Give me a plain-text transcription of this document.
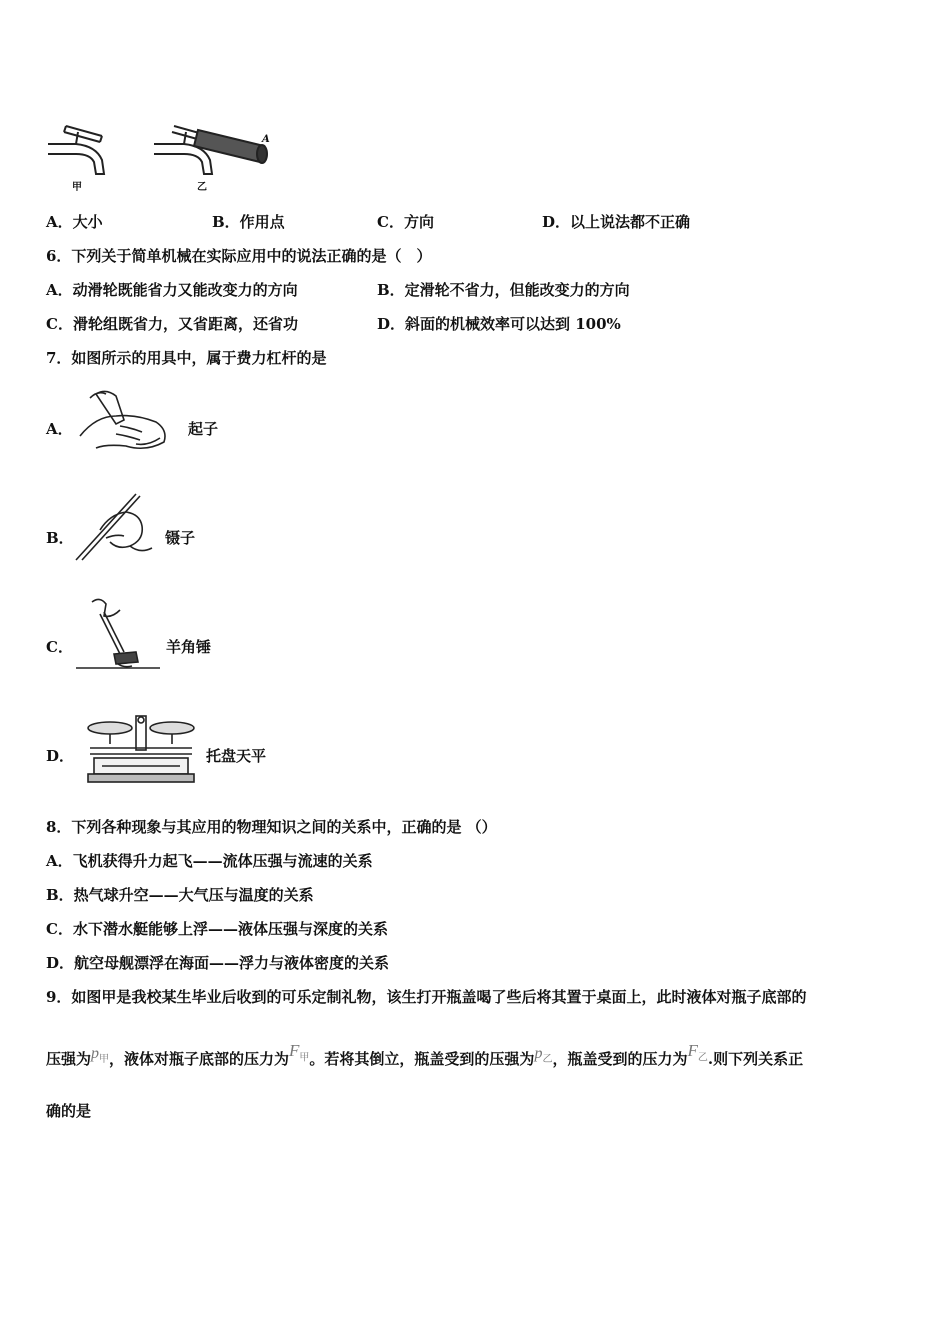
甲	乙
A
A．大小	B．作用点	C．方向	D．以上说法都不正确
6．下列关于简单机械在实际应用中的说法正确的是（　）
A．动滑轮既能省力又能改变力的方向	B．定滑轮不省力，但能改变力的方向
C．滑轮组既省力，又省距离，还省功	D．斜面的机械效率可以达到 100%
7．如图所示的用具中，属于费力杠杆的是
A．	起子
B．	镊子
C．	羊角锤
D．	托盘天平
8．下列各种现象与其应用的物理知识之间的关系中，正确的是 （）
A．飞机获得升力起飞——流体压强与流速的关系
B．热气球升空——大气压与温度的关系
C．水下潜水艇能够上浮——液体压强与深度的关系
D．航空母舰漂浮在海面——浮力与液体密度的关系
9．如图甲是我校某生毕业后收到的可乐定制礼物，该生打开瓶盖喝了些后将其置于桌面上，此时液体对瓶子底部的
压强为$p_甲$，液体对瓶子底部的压力为$F_甲$。若将其倒立，瓶盖受到的压强为$p_乙$，瓶盖受到的压力为$F_乙$.则下列关系正
确的是
